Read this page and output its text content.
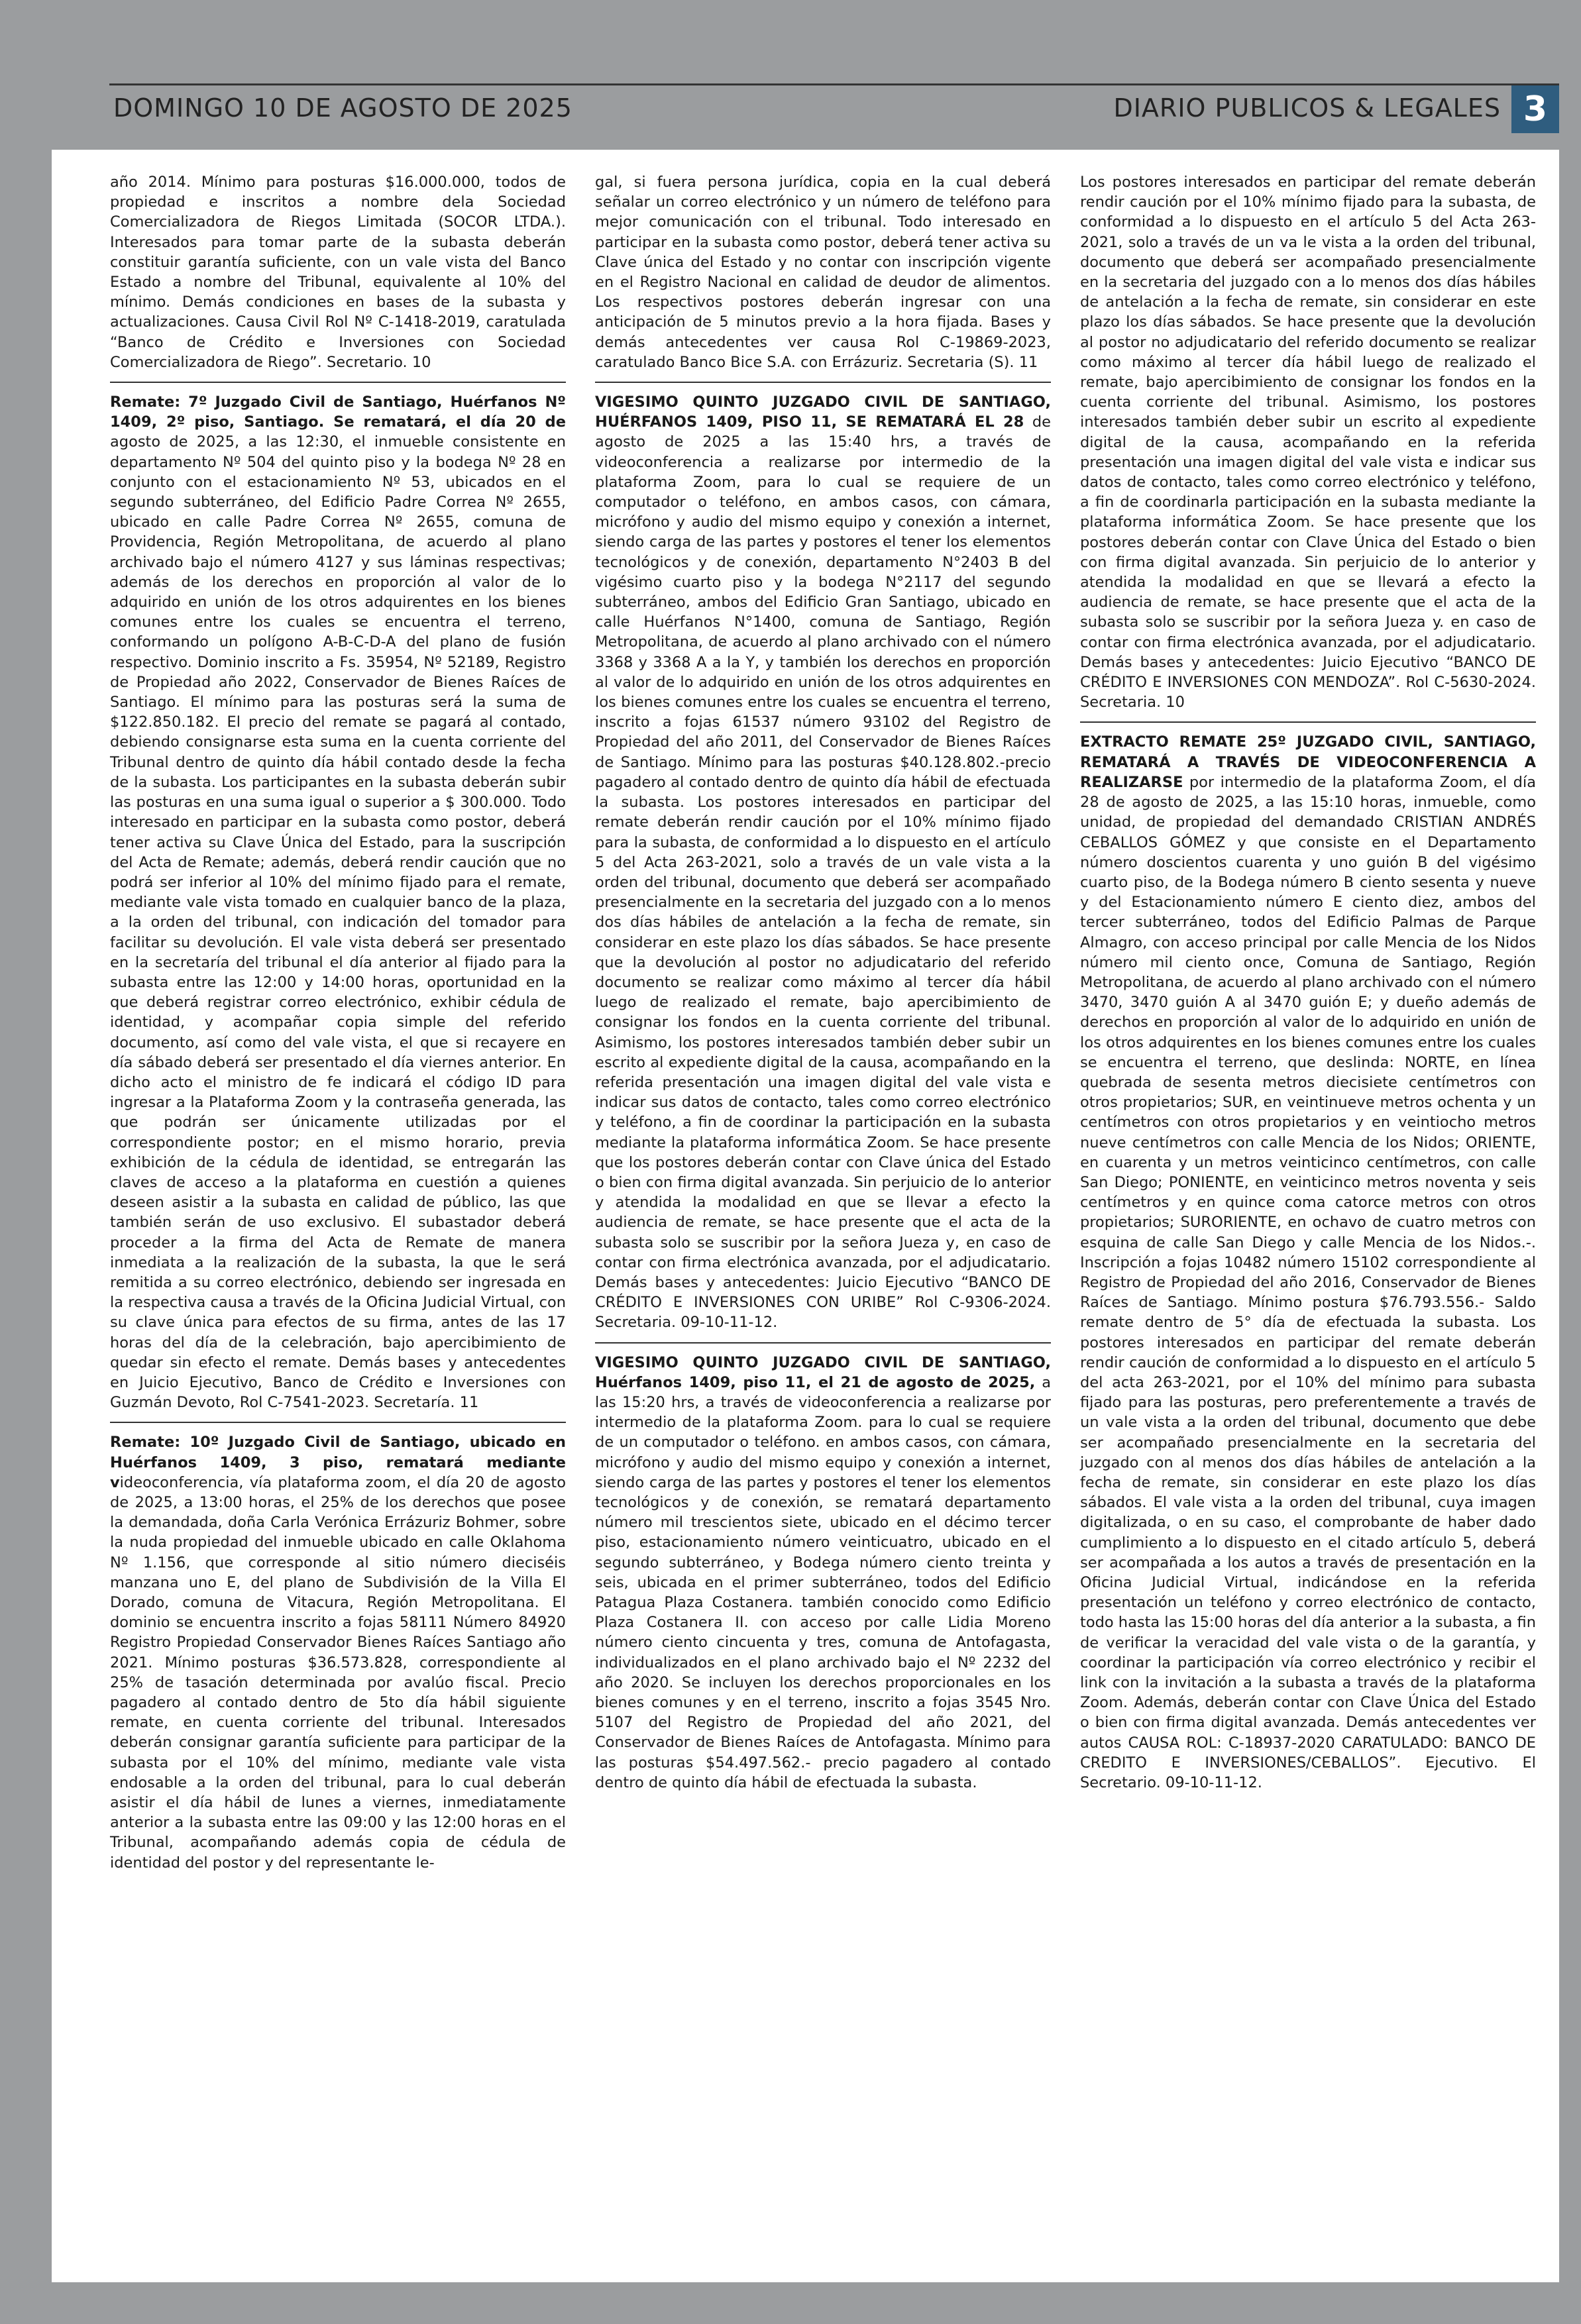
DOMINGO 10 DE AGOSTO DE 2025	DIARIO PUBLICOS & LEGALES 3

año 2014. Mínimo para posturas $16.000.000, todos de propiedad e inscritos a nombre dela Sociedad Comercializadora de Riegos Limitada (SOCOR LTDA.). Interesados para tomar parte de la subasta deberán constituir garantía suficiente, con un vale vista del Banco Estado a nombre del Tribunal, equivalente al 10% del mínimo. Demás condiciones en bases de la subasta y actualizaciones. Causa Civil Rol Nº C-1418-2019, caratulada “Banco de Crédito e Inversiones con Sociedad Comercializadora de Riego”. Secretario. 10

Remate: 7º Juzgado Civil de Santiago, Huérfanos Nº 1409, 2º piso, Santiago. Se rematará, el día 20 de agosto de 2025, a las 12:30, el inmueble consistente en departamento Nº 504 del quinto piso y la bodega Nº 28 en conjunto con el estacionamiento Nº 53, ubicados en el segundo subterráneo, del Edificio Padre Correa Nº 2655, ubicado en calle Padre Correa Nº 2655, comuna de Providencia, Región Metropolitana, de acuerdo al plano archivado bajo el número 4127 y sus láminas respectivas; además de los derechos en proporción al valor de lo adquirido en unión de los otros adquirentes en los bienes comunes entre los cuales se encuentra el terreno, conformando un polígono A-B-C-D-A del plano de fusión respectivo. Dominio inscrito a Fs. 35954, Nº 52189, Registro de Propiedad año 2022, Conservador de Bienes Raíces de Santiago. El mínimo para las posturas será la suma de $122.850.182. El precio del remate se pagará al contado, debiendo consignarse esta suma en la cuenta corriente del Tribunal dentro de quinto día hábil contado desde la fecha de la subasta. Los participantes en la subasta deberán subir las posturas en una suma igual o superior a $ 300.000. Todo interesado en participar en la subasta como postor, deberá tener activa su Clave Única del Estado, para la suscripción del Acta de Remate; además, deberá rendir caución que no podrá ser inferior al 10% del mínimo fijado para el remate, mediante vale vista tomado en cualquier banco de la plaza, a la orden del tribunal, con indicación del tomador para facilitar su devolución. El vale vista deberá ser presentado en la secretaría del tribunal el día anterior al fijado para la subasta entre las 12:00 y 14:00 horas, oportunidad en la que deberá registrar correo electrónico, exhibir cédula de identidad, y acompañar copia simple del referido documento, así como del vale vista, el que si recayere en día sábado deberá ser presentado el día viernes anterior. En dicho acto el ministro de fe indicará el código ID para ingresar a la Plataforma Zoom y la contraseña generada, las que podrán ser únicamente utilizadas por el correspondiente postor; en el mismo horario, previa exhibición de la cédula de identidad, se entregarán las claves de acceso a la plataforma en cuestión a quienes deseen asistir a la subasta en calidad de público, las que también serán de uso exclusivo. El subastador deberá proceder a la firma del Acta de Remate de manera inmediata a la realización de la subasta, la que le será remitida a su correo electrónico, debiendo ser ingresada en la respectiva causa a través de la Oficina Judicial Virtual, con su clave única para efectos de su firma, antes de las 17 horas del día de la celebración, bajo apercibimiento de quedar sin efecto el remate. Demás bases y antecedentes en Juicio Ejecutivo, Banco de Crédito e Inversiones con Guzmán Devoto, Rol C-7541-2023. Secretaría. 11

Remate: 10º Juzgado Civil de Santiago, ubicado en Huérfanos 1409, 3 piso, rematará mediante videoconferencia, vía plataforma zoom, el día 20 de agosto de 2025, a 13:00 horas, el 25% de los derechos que posee la demandada, doña Carla Verónica Errázuriz Bohmer, sobre la nuda propiedad del inmueble ubicado en calle Oklahoma Nº 1.156, que corresponde al sitio número dieciséis manzana uno E, del plano de Subdivisión de la Villa El Dorado, comuna de Vitacura, Región Metropolitana. El dominio se encuentra inscrito a fojas 58111 Número 84920 Registro Propiedad Conservador Bienes Raíces Santiago año 2021. Mínimo posturas $36.573.828, correspondiente al 25% de tasación determinada por avalúo fiscal. Precio pagadero al contado dentro de 5to día hábil siguiente remate, en cuenta corriente del tribunal. Interesados deberán consignar garantía suficiente para participar de la subasta por el 10% del mínimo, mediante vale vista endosable a la orden del tribunal, para lo cual deberán asistir el día hábil de lunes a viernes, inmediatamente anterior a la subasta entre las 09:00 y las 12:00 horas en el Tribunal, acompañando además copia de cédula de identidad del postor y del representante le-

gal, si fuera persona jurídica, copia en la cual deberá señalar un correo electrónico y un número de teléfono para mejor comunicación con el tribunal. Todo interesado en participar en la subasta como postor, deberá tener activa su Clave única del Estado y no contar con inscripción vigente en el Registro Nacional en calidad de deudor de alimentos. Los respectivos postores deberán ingresar con una anticipación de 5 minutos previo a la hora fijada. Bases y demás antecedentes ver causa Rol C-19869-2023, caratulado Banco Bice S.A. con Errázuriz. Secretaria (S). 11

VIGESIMO QUINTO JUZGADO CIVIL DE SANTIAGO, HUÉRFANOS 1409, PISO 11, SE REMATARÁ EL 28 de agosto de 2025 a las 15:40 hrs, a través de videoconferencia a realizarse por intermedio de la plataforma Zoom, para lo cual se requiere de un computador o teléfono, en ambos casos, con cámara, micrófono y audio del mismo equipo y conexión a internet, siendo carga de las partes y postores el tener los elementos tecnológicos y de conexión, departamento N°2403 B del vigésimo cuarto piso y la bodega N°2117 del segundo subterráneo, ambos del Edificio Gran Santiago, ubicado en calle Huérfanos N°1400, comuna de Santiago, Región Metropolitana, de acuerdo al plano archivado con el número 3368 y 3368 A a la Y, y también los derechos en proporción al valor de lo adquirido en unión de los otros adquirentes en los bienes comunes entre los cuales se encuentra el terreno, inscrito a fojas 61537 número 93102 del Registro de Propiedad del año 2011, del Conservador de Bienes Raíces de Santiago. Mínimo para las posturas $40.128.802.-precio pagadero al contado dentro de quinto día hábil de efectuada la subasta. Los postores interesados en participar del remate deberán rendir caución por el 10% mínimo fijado para la subasta, de conformidad a lo dispuesto en el artículo 5 del Acta 263-2021, solo a través de un vale vista a la orden del tribunal, documento que deberá ser acompañado presencialmente en la secretaria del juzgado con a lo menos dos días hábiles de antelación a la fecha de remate, sin considerar en este plazo los días sábados. Se hace presente que la devolución al postor no adjudicatario del referido documento se realizar como máximo al tercer día hábil luego de realizado el remate, bajo apercibimiento de consignar los fondos en la cuenta corriente del tribunal. Asimismo, los postores interesados también deber subir un escrito al expediente digital de la causa, acompañando en la referida presentación una imagen digital del vale vista e indicar sus datos de contacto, tales como correo electrónico y teléfono, a fin de coordinar la participación en la subasta mediante la plataforma informática Zoom. Se hace presente que los postores deberán contar con Clave única del Estado o bien con firma digital avanzada. Sin perjuicio de lo anterior y atendida la modalidad en que se llevar a efecto la audiencia de remate, se hace presente que el acta de la subasta solo se suscribir por la señora Jueza y, en caso de contar con firma electrónica avanzada, por el adjudicatario. Demás bases y antecedentes: Juicio Ejecutivo “BANCO DE CRÉDITO E INVERSIONES CON URIBE” Rol C-9306-2024. Secretaria. 09-10-11-12.

VIGESIMO QUINTO JUZGADO CIVIL DE SANTIAGO, Huérfanos 1409, piso 11, el 21 de agosto de 2025, a las 15:20 hrs, a través de videoconferencia a realizarse por intermedio de la plataforma Zoom. para lo cual se requiere de un computador o teléfono. en ambos casos, con cámara, micrófono y audio del mismo equipo y conexión a internet, siendo carga de las partes y postores el tener los elementos tecnológicos y de conexión, se rematará departamento número mil trescientos siete, ubicado en el décimo tercer piso, estacionamiento número veinticuatro, ubicado en el segundo subterráneo, y Bodega número ciento treinta y seis, ubicada en el primer subterráneo, todos del Edificio Patagua Plaza Costanera. también conocido como Edificio Plaza Costanera II. con acceso por calle Lidia Moreno número ciento cincuenta y tres, comuna de Antofagasta, individualizados en el plano archivado bajo el Nº 2232 del año 2020. Se incluyen los derechos proporcionales en los bienes comunes y en el terreno, inscrito a fojas 3545 Nro. 5107 del Registro de Propiedad del año 2021, del Conservador de Bienes Raíces de Antofagasta. Mínimo para las posturas $54.497.562.- precio pagadero al contado dentro de quinto día hábil de efectuada la subasta.

Los postores interesados en participar del remate deberán rendir caución por el 10% mínimo fijado para la subasta, de conformidad a lo dispuesto en el artículo 5 del Acta 263-2021, solo a través de un va le vista a la orden del tribunal, documento que deberá ser acompañado presencialmente en la secretaria del juzgado con a lo menos dos días hábiles de antelación a la fecha de remate, sin considerar en este plazo los días sábados. Se hace presente que la devolución al postor no adjudicatario del referido documento se realizar como máximo al tercer día hábil luego de realizado el remate, bajo apercibimiento de consignar los fondos en la cuenta corriente del tribunal. Asimismo, los postores interesados también deber subir un escrito al expediente digital de la causa, acompañando en la referida presentación una imagen digital del vale vista e indicar sus datos de contacto, tales como correo electrónico y teléfono, a fin de coordinarla participación en la subasta mediante la plataforma informática Zoom. Se hace presente que los postores deberán contar con Clave Única del Estado o bien con firma digital avanzada. Sin perjuicio de lo anterior y atendida la modalidad en que se llevará a efecto la audiencia de remate, se hace presente que el acta de la subasta solo se suscribir por la señora Jueza y. en caso de contar con firma electrónica avanzada, por el adjudicatario. Demás bases y antecedentes: Juicio Ejecutivo “BANCO DE CRÉDITO E INVERSIONES CON MENDOZA”. Rol C-5630-2024. Secretaria. 10

EXTRACTO REMATE 25º JUZGADO CIVIL, SANTIAGO, REMATARÁ A TRAVÉS DE VIDEOCONFERENCIA A REALIZARSE por intermedio de la plataforma Zoom, el día 28 de agosto de 2025, a las 15:10 horas, inmueble, como unidad, de propiedad del demandado CRISTIAN ANDRÉS CEBALLOS GÓMEZ y que consiste en el Departamento número doscientos cuarenta y uno guión B del vigésimo cuarto piso, de la Bodega número B ciento sesenta y nueve y del Estacionamiento número E ciento diez, ambos del tercer subterráneo, todos del Edificio Palmas de Parque Almagro, con acceso principal por calle Mencia de los Nidos número mil ciento once, Comuna de Santiago, Región Metropolitana, de acuerdo al plano archivado con el número 3470, 3470 guión A al 3470 guión E; y dueño además de derechos en proporción al valor de lo adquirido en unión de los otros adquirentes en los bienes comunes entre los cuales se encuentra el terreno, que deslinda: NORTE, en línea quebrada de sesenta metros diecisiete centímetros con otros propietarios; SUR, en veintinueve metros ochenta y un centímetros con otros propietarios y en veintiocho metros nueve centímetros con calle Mencia de los Nidos; ORIENTE, en cuarenta y un metros veinticinco centímetros, con calle San Diego; PONIENTE, en veinticinco metros noventa y seis centímetros y en quince coma catorce metros con otros propietarios; SURORIENTE, en ochavo de cuatro metros con esquina de calle San Diego y calle Mencia de los Nidos.-. Inscripción a fojas 10482 número 15102 correspondiente al Registro de Propiedad del año 2016, Conservador de Bienes Raíces de Santiago. Mínimo postura $76.793.556.- Saldo remate dentro de 5° día de efectuada la subasta. Los postores interesados en participar del remate deberán rendir caución de conformidad a lo dispuesto en el artículo 5 del acta 263-2021, por el 10% del mínimo para subasta fijado para las posturas, pero preferentemente a través de un vale vista a la orden del tribunal, documento que debe ser acompañado presencialmente en la secretaria del juzgado con al menos dos días hábiles de antelación a la fecha de remate, sin considerar en este plazo los días sábados. El vale vista a la orden del tribunal, cuya imagen digitalizada, o en su caso, el comprobante de haber dado cumplimiento a lo dispuesto en el citado artículo 5, deberá ser acompañada a los autos a través de presentación en la Oficina Judicial Virtual, indicándose en la referida presentación un teléfono y correo electrónico de contacto, todo hasta las 15:00 horas del día anterior a la subasta, a fin de verificar la veracidad del vale vista o de la garantía, y coordinar la participación vía correo electrónico y recibir el link con la invitación a la subasta a través de la plataforma Zoom. Además, deberán contar con Clave Única del Estado o bien con firma digital avanzada. Demás antecedentes ver autos CAUSA ROL: C-18937-2020 CARATULADO: BANCO DE CREDITO E INVERSIONES/CEBALLOS”. Ejecutivo. El Secretario. 09-10-11-12.
